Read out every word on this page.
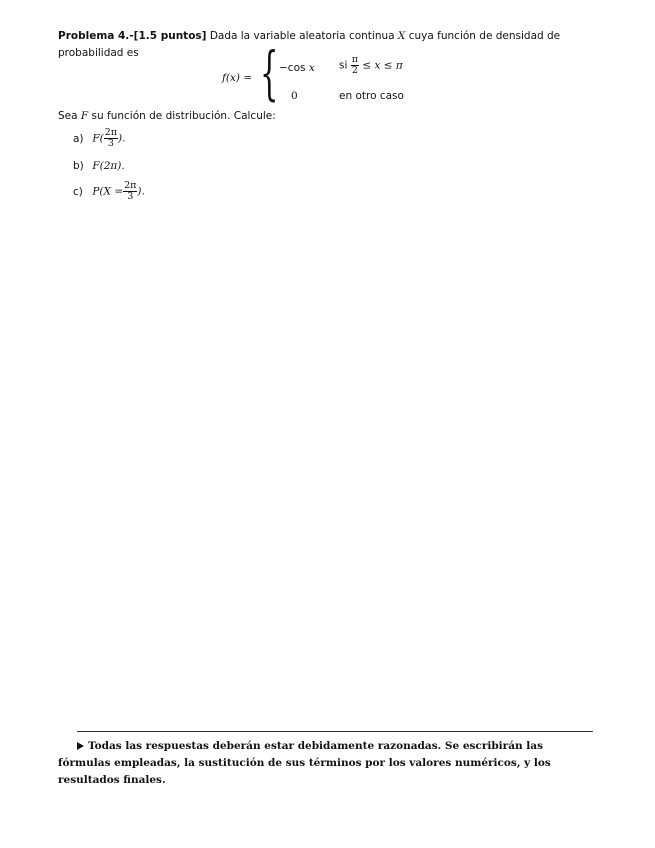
Problema 4.-[1.5 puntos] Dada la variable aleatoria continua X cuya función de densidad de probabilidad es
f(x) = { −cos x si $\frac{\pi}{2} \le x \le \pi$
0	en otro caso
Sea F su función de distribución. Calcule:
a) $F( \frac{2\pi}{3}$ ).
b) F(2π).
c) $P(X = \frac{2\pi}{3}$ ).
Todas las respuestas deberán estar debidamente razonadas. Se escribirán las fórmulas empleadas, la sustitución de sus términos por los valores numéricos, y los resultados finales.
